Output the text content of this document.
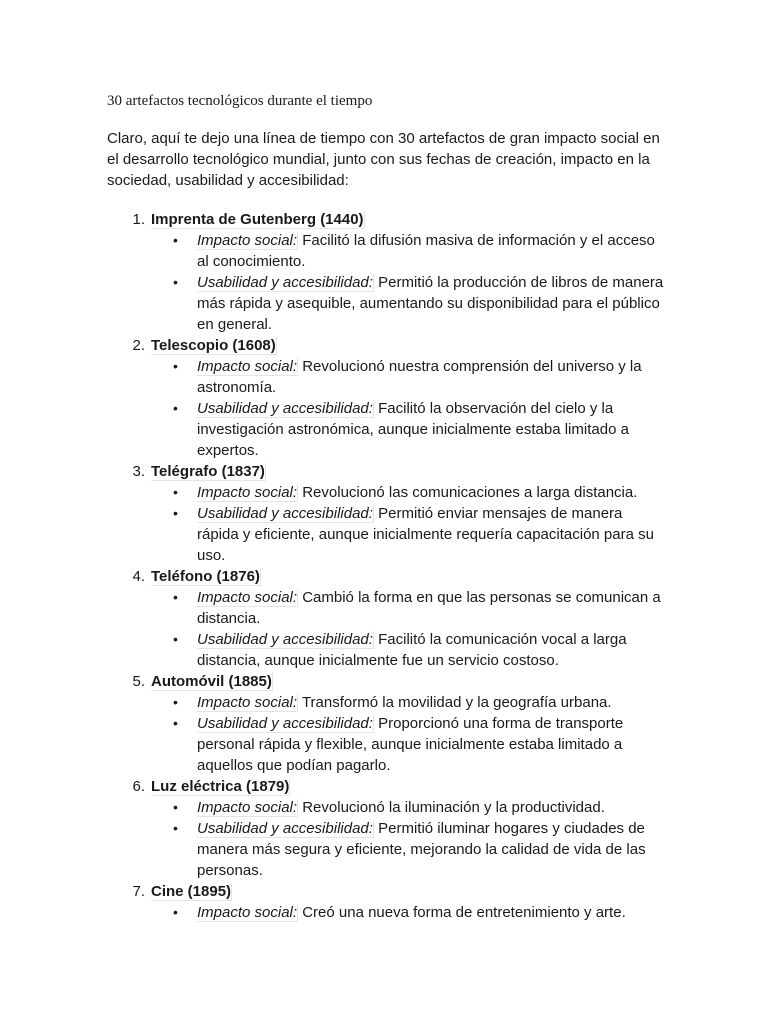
30 artefactos tecnológicos durante el tiempo
Claro, aquí te dejo una línea de tiempo con 30 artefactos de gran impacto social en el desarrollo tecnológico mundial, junto con sus fechas de creación, impacto en la sociedad, usabilidad y accesibilidad:
1. Imprenta de Gutenberg (1440)
• Impacto social: Facilitó la difusión masiva de información y el acceso al conocimiento.
• Usabilidad y accesibilidad: Permitió la producción de libros de manera más rápida y asequible, aumentando su disponibilidad para el público en general.
2. Telescopio (1608)
• Impacto social: Revolucionó nuestra comprensión del universo y la astronomía.
• Usabilidad y accesibilidad: Facilitó la observación del cielo y la investigación astronómica, aunque inicialmente estaba limitado a expertos.
3. Telégrafo (1837)
• Impacto social: Revolucionó las comunicaciones a larga distancia.
• Usabilidad y accesibilidad: Permitió enviar mensajes de manera rápida y eficiente, aunque inicialmente requería capacitación para su uso.
4. Teléfono (1876)
• Impacto social: Cambió la forma en que las personas se comunican a distancia.
• Usabilidad y accesibilidad: Facilitó la comunicación vocal a larga distancia, aunque inicialmente fue un servicio costoso.
5. Automóvil (1885)
• Impacto social: Transformó la movilidad y la geografía urbana.
• Usabilidad y accesibilidad: Proporcionó una forma de transporte personal rápida y flexible, aunque inicialmente estaba limitado a aquellos que podían pagarlo.
6. Luz eléctrica (1879)
• Impacto social: Revolucionó la iluminación y la productividad.
• Usabilidad y accesibilidad: Permitió iluminar hogares y ciudades de manera más segura y eficiente, mejorando la calidad de vida de las personas.
7. Cine (1895)
• Impacto social: Creó una nueva forma de entretenimiento y arte.
